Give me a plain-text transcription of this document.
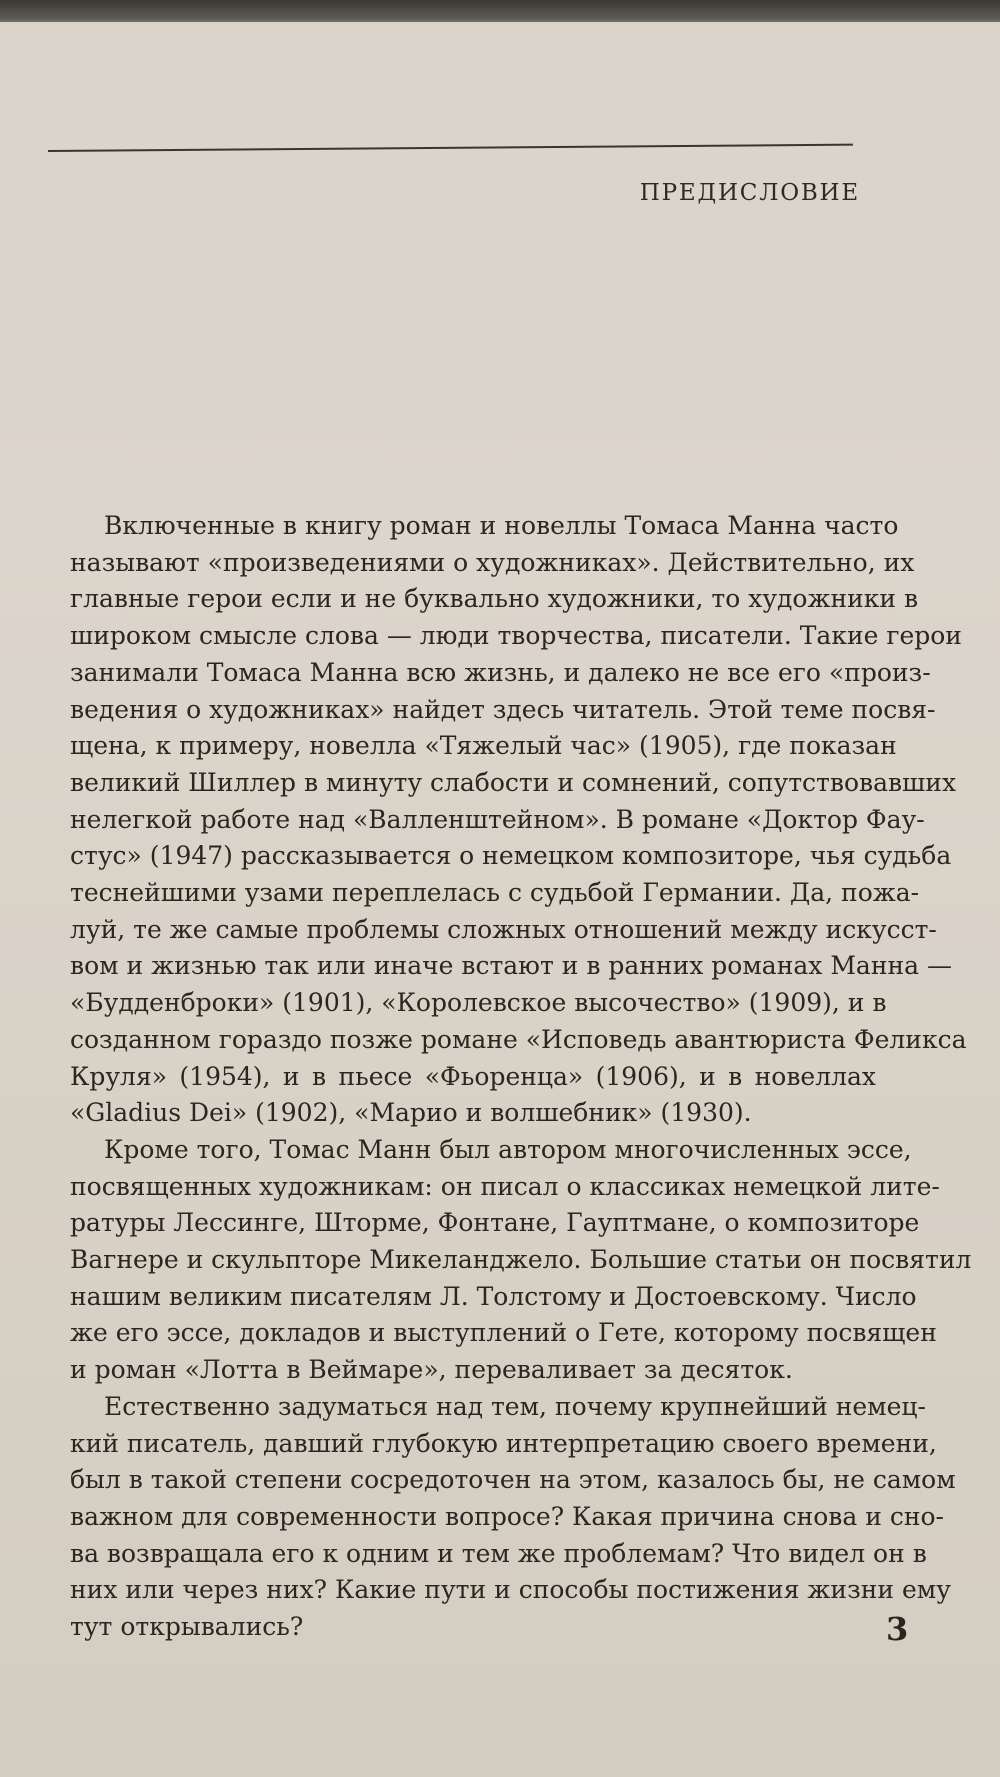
ПРЕДИСЛОВИЕ
Включенные в книгу роман и новеллы Томаса Манна часто
называют «произведениями о художниках». Действительно, их
главные герои если и не буквально художники, то художники в
широком смысле слова — люди творчества, писатели. Такие герои
занимали Томаса Манна всю жизнь, и далеко не все его «произ-
ведения о художниках» найдет здесь читатель. Этой теме посвя-
щена, к примеру, новелла «Тяжелый час» (1905), где показан
великий Шиллер в минуту слабости и сомнений, сопутствовавших
нелегкой работе над «Валленштейном». В романе «Доктор Фау-
стус» (1947) рассказывается о немецком композиторе, чья судьба
теснейшими узами переплелась с судьбой Германии. Да, пожа-
луй, те же самые проблемы сложных отношений между искусст-
вом и жизнью так или иначе встают и в ранних романах Манна —
«Будденброки» (1901), «Королевское высочество» (1909), и в
созданном гораздо позже романе «Исповедь авантюриста Феликса
Круля» (1954), и в пьесе «Фьоренца» (1906), и в новеллах
«Gladius Dei» (1902), «Марио и волшебник» (1930).
Кроме того, Томас Манн был автором многочисленных эссе,
посвященных художникам: он писал о классиках немецкой лите-
ратуры Лессинге, Шторме, Фонтане, Гауптмане, о композиторе
Вагнере и скульпторе Микеланджело. Большие статьи он посвятил
нашим великим писателям Л. Толстому и Достоевскому. Число
же его эссе, докладов и выступлений о Гете, которому посвящен
и роман «Лотта в Веймаре», переваливает за десяток.
Естественно задуматься над тем, почему крупнейший немец-
кий писатель, давший глубокую интерпретацию своего времени,
был в такой степени сосредоточен на этом, казалось бы, не самом
важном для современности вопросе? Какая причина снова и сно-
ва возвращала его к одним и тем же проблемам? Что видел он в
них или через них? Какие пути и способы постижения жизни ему
тут открывались?	3
